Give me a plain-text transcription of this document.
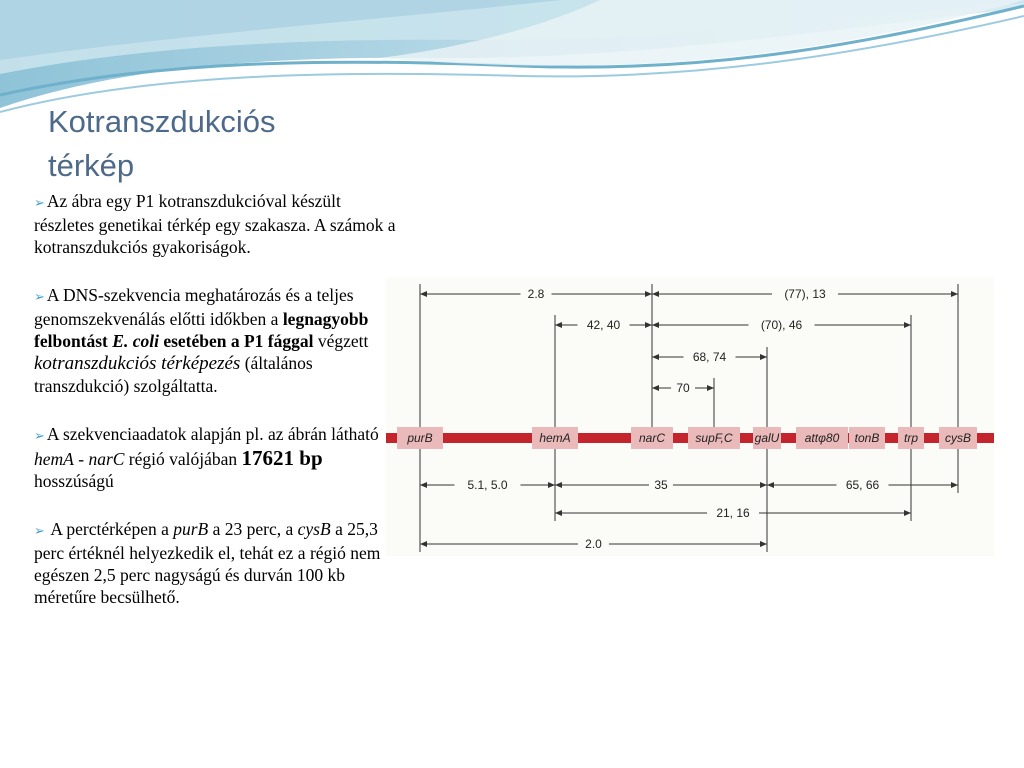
Kotranszdukciós
térkép
➢ Az ábra egy P1 kotranszdukcióval készült részletes genetikai térkép egy szakasza. A számok a kotranszdukciós gyakoriságok.
➢ A DNS-szekvencia meghatározás és a teljes genomszekvenálás előtti időkben a legnagyobb felbontást E. coli esetében a P1 fággal végzett kotranszdukciós térképezés (általános transzdukció) szolgáltatta.
➢ A szekvenciaadatok alapján pl. az ábrán látható hemA - narC régió valójában 17621 bp hosszúságú
➢ A perctérképen a purB a 23 perc, a cysB a 25,3 perc értéknél helyezkedik el, tehát ez a régió nem egészen 2,5 perc nagyságú és durván 100 kb méretűre becsülhető.
purB	hemA	narC	supF,C galU attφ80 tonB trp cysB
2.8	(77), 13
42, 40	(70), 46
68, 74
70
5.1, 5.0	35	65, 66
21, 16
2.0
